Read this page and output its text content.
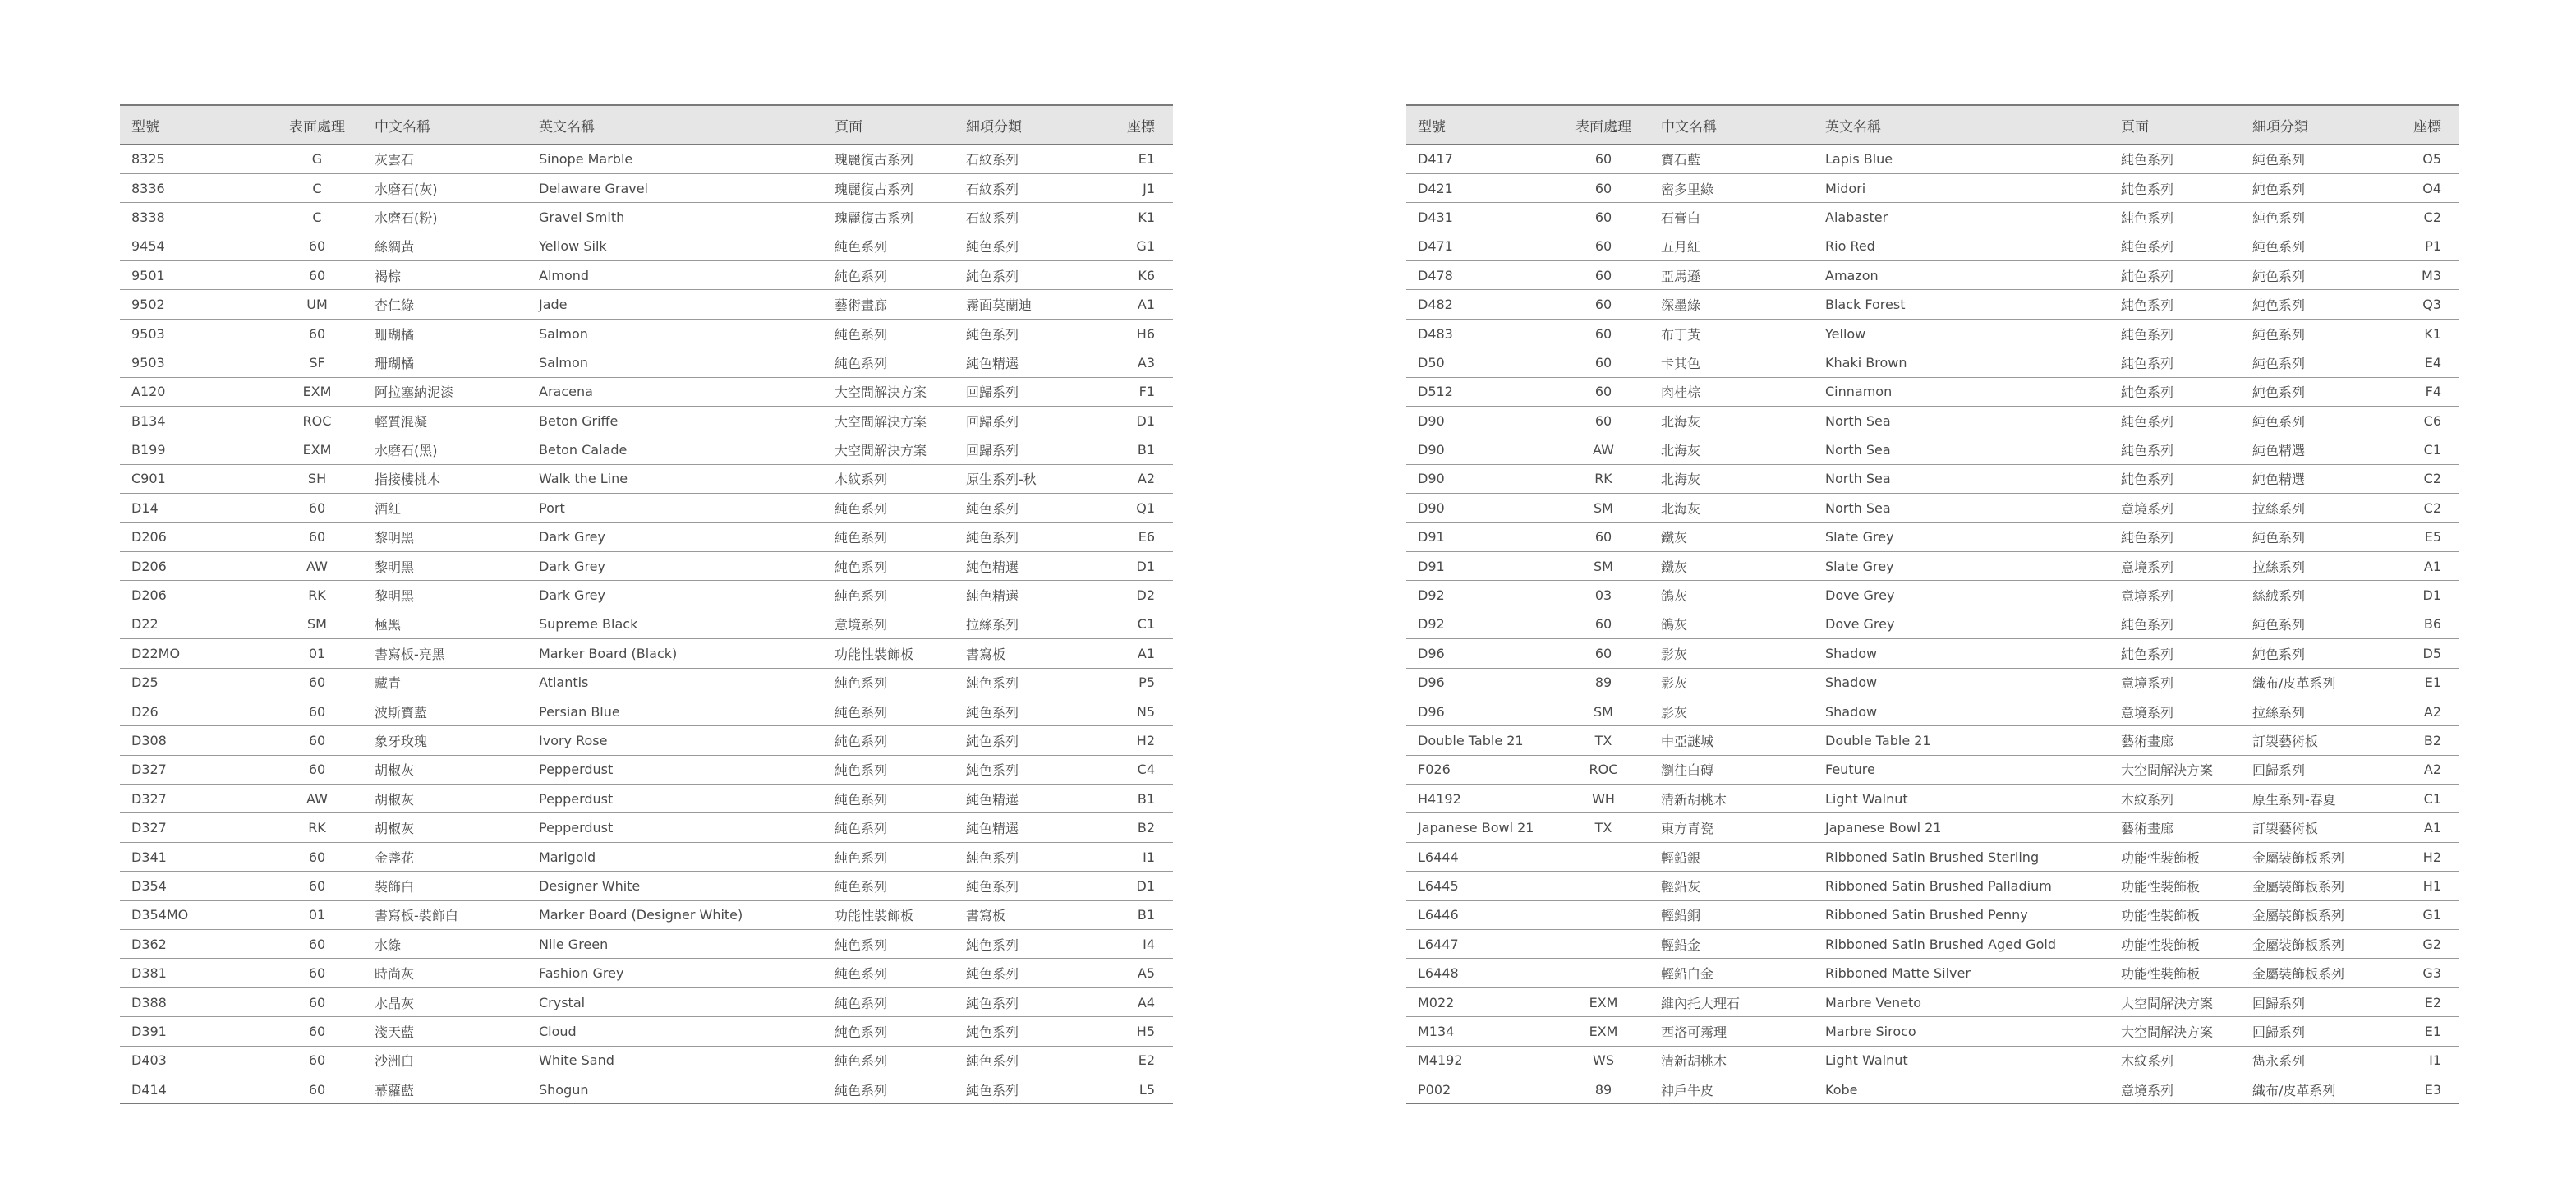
型號	表面處理	中文名稱	英文名稱	頁面	細項分類	座標
8325	G	灰雲石	Sinope Marble	瑰麗復古系列	石紋系列	E1
8336	C	水磨石(灰)	Delaware Gravel	瑰麗復古系列	石紋系列	J1
8338	C	水磨石(粉)	Gravel Smith	瑰麗復古系列	石紋系列	K1
9454	60	絲綢黃	Yellow Silk	純色系列	純色系列	G1
9501	60	褐棕	Almond	純色系列	純色系列	K6
9502	UM	杏仁綠	Jade	藝術畫廊	霧面莫蘭迪	A1
9503	60	珊瑚橘	Salmon	純色系列	純色系列	H6
9503	SF	珊瑚橘	Salmon	純色系列	純色精選	A3
A120	EXM	阿拉塞納泥漆	Aracena	大空間解決方案	回歸系列	F1
B134	ROC	輕質混凝	Beton Griffe	大空間解決方案	回歸系列	D1
B199	EXM	水磨石(黑)	Beton Calade	大空間解決方案	回歸系列	B1
C901	SH	指接樓桃木	Walk the Line	木紋系列	原生系列-秋	A2
D14	60	酒紅	Port	純色系列	純色系列	Q1
D206	60	黎明黑	Dark Grey	純色系列	純色系列	E6
D206	AW	黎明黑	Dark Grey	純色系列	純色精選	D1
D206	RK	黎明黑	Dark Grey	純色系列	純色精選	D2
D22	SM	極黑	Supreme Black	意境系列	拉絲系列	C1
D22MO	01	書寫板-亮黑	Marker Board (Black)	功能性裝飾板	書寫板	A1
D25	60	藏青	Atlantis	純色系列	純色系列	P5
D26	60	波斯寶藍	Persian Blue	純色系列	純色系列	N5
D308	60	象牙玫瑰	Ivory Rose	純色系列	純色系列	H2
D327	60	胡椒灰	Pepperdust	純色系列	純色系列	C4
D327	AW	胡椒灰	Pepperdust	純色系列	純色精選	B1
D327	RK	胡椒灰	Pepperdust	純色系列	純色精選	B2
D341	60	金盞花	Marigold	純色系列	純色系列	I1
D354	60	裝飾白	Designer White	純色系列	純色系列	D1
D354MO	01	書寫板-裝飾白	Marker Board (Designer White)	功能性裝飾板	書寫板	B1
D362	60	水綠	Nile Green	純色系列	純色系列	I4
D381	60	時尚灰	Fashion Grey	純色系列	純色系列	A5
D388	60	水晶灰	Crystal	純色系列	純色系列	A4
D391	60	淺天藍	Cloud	純色系列	純色系列	H5
D403	60	沙洲白	White Sand	純色系列	純色系列	E2
D414	60	幕蘿藍	Shogun	純色系列	純色系列	L5
型號	表面處理	中文名稱	英文名稱	頁面	細項分類	座標
D417	60	寶石藍	Lapis Blue	純色系列	純色系列	O5
D421	60	密多里綠	Midori	純色系列	純色系列	O4
D431	60	石膏白	Alabaster	純色系列	純色系列	C2
D471	60	五月紅	Rio Red	純色系列	純色系列	P1
D478	60	亞馬遜	Amazon	純色系列	純色系列	M3
D482	60	深墨綠	Black Forest	純色系列	純色系列	Q3
D483	60	布丁黃	Yellow	純色系列	純色系列	K1
D50	60	卡其色	Khaki Brown	純色系列	純色系列	E4
D512	60	肉桂棕	Cinnamon	純色系列	純色系列	F4
D90	60	北海灰	North Sea	純色系列	純色系列	C6
D90	AW	北海灰	North Sea	純色系列	純色精選	C1
D90	RK	北海灰	North Sea	純色系列	純色精選	C2
D90	SM	北海灰	North Sea	意境系列	拉絲系列	C2
D91	60	鐵灰	Slate Grey	純色系列	純色系列	E5
D91	SM	鐵灰	Slate Grey	意境系列	拉絲系列	A1
D92	03	鴿灰	Dove Grey	意境系列	絲絨系列	D1
D92	60	鴿灰	Dove Grey	純色系列	純色系列	B6
D96	60	影灰	Shadow	純色系列	純色系列	D5
D96	89	影灰	Shadow	意境系列	織布/皮革系列	E1
D96	SM	影灰	Shadow	意境系列	拉絲系列	A2
Double Table 21	TX	中亞謎城	Double Table 21	藝術畫廊	訂製藝術板	B2
F026	ROC	瀏往白磚	Feuture	大空間解決方案	回歸系列	A2
H4192	WH	清新胡桃木	Light Walnut	木紋系列	原生系列-春夏	C1
Japanese Bowl 21	TX	東方青瓷	Japanese Bowl 21	藝術畫廊	訂製藝術板	A1
L6444		輕鉛銀	Ribboned Satin Brushed Sterling	功能性裝飾板	金屬裝飾板系列	H2
L6445		輕鉛灰	Ribboned Satin Brushed Palladium	功能性裝飾板	金屬裝飾板系列	H1
L6446		輕鉛銅	Ribboned Satin Brushed Penny	功能性裝飾板	金屬裝飾板系列	G1
L6447		輕鉛金	Ribboned Satin Brushed Aged Gold	功能性裝飾板	金屬裝飾板系列	G2
L6448		輕鉛白金	Ribboned Matte Silver	功能性裝飾板	金屬裝飾板系列	G3
M022	EXM	維內托大理石	Marbre Veneto	大空間解決方案	回歸系列	E2
M134	EXM	西洛可霧理	Marbre Siroco	大空間解決方案	回歸系列	E1
M4192	WS	清新胡桃木	Light Walnut	木紋系列	雋永系列	I1
P002	89	神戶牛皮	Kobe	意境系列	織布/皮革系列	E3
